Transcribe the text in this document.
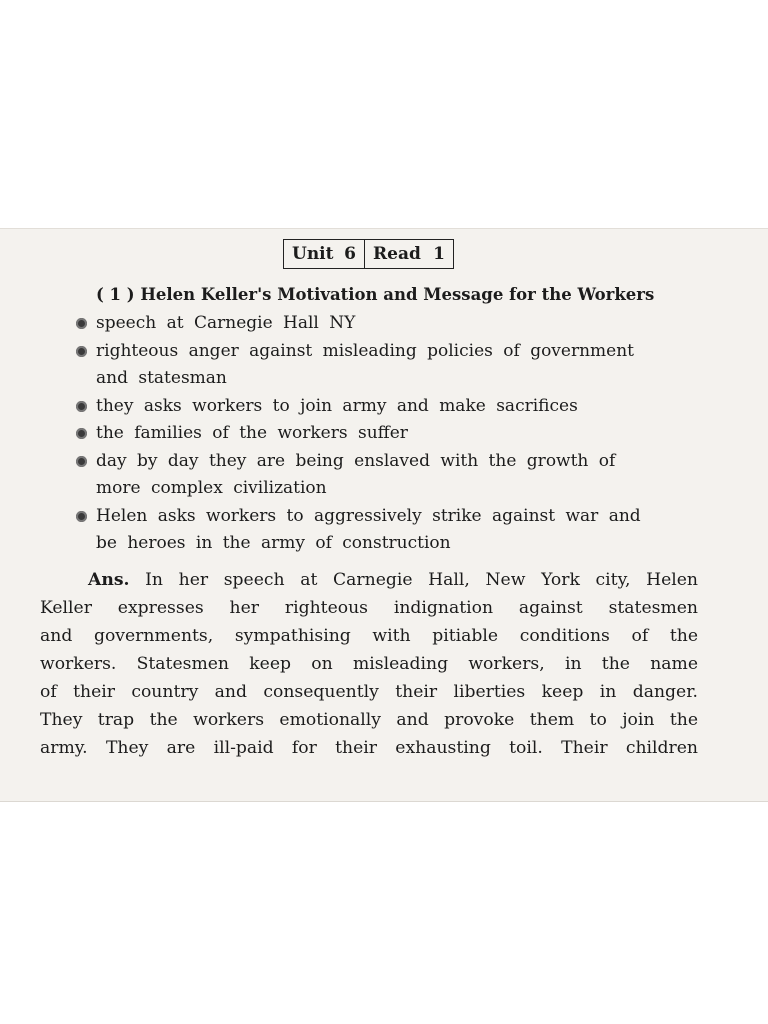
Unit 6 Read 1
( 1 ) Helen Keller's Motivation and Message for the Workers
speech at Carnegie Hall NY
righteous anger against misleading policies of government
and statesman
they asks workers to join army and make sacrifices
the families of the workers suffer
day by day they are being enslaved with the growth of
more complex civilization
Helen asks workers to aggressively strike against war and
be heroes in the army of construction
Ans. In her speech at Carnegie Hall, New York city, Helen
Keller expresses her righteous indignation against statesmen
and governments, sympathising with pitiable conditions of the
workers. Statesmen keep on misleading workers, in the name
of their country and consequently their liberties keep in danger.
They trap the workers emotionally and provoke them to join the
army. They are ill-paid for their exhausting toil. Their children
